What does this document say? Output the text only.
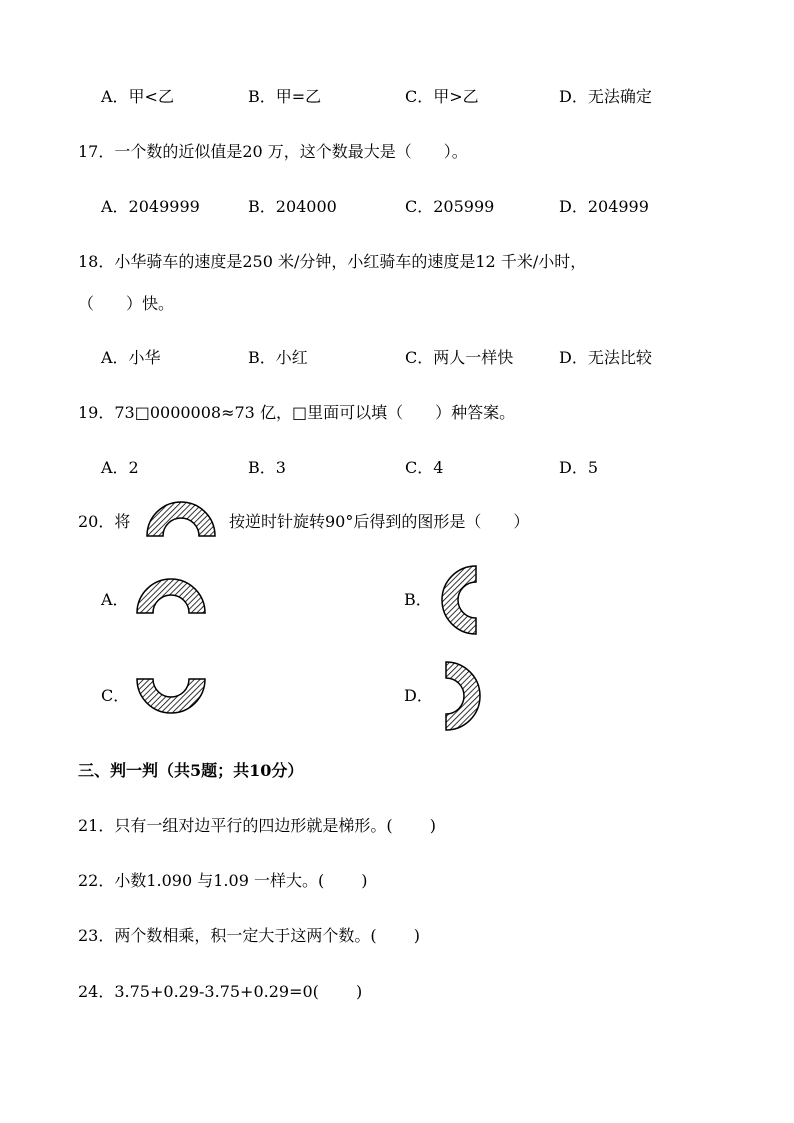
A．甲<乙	B．甲=乙	C．甲>乙	D．无法确定
17．一个数的近似值是20 万，这个数最大是（　　）。
A．2049999	B．204000	C．205999	D．204999
18．小华骑车的速度是250 米/分钟，小红骑车的速度是12 千米/小时，
（　　）快。
A．小华	B．小红	C．两人一样快	D．无法比较
19．73□0000008≈73 亿，□里面可以填（　　）种答案。
A．2	B．3	C．4	D．5
20．将	按逆时针旋转90°后得到的图形是（　　）
A．	B．
C．	D．
三、判一判（共5题；共10分）
21．只有一组对边平行的四边形就是梯形。(　　 )
22．小数1.090 与1.09 一样大。(　　 )
23．两个数相乘，积一定大于这两个数。(　　 )
24．3.75+0.29-3.75+0.29=0(　　 )
